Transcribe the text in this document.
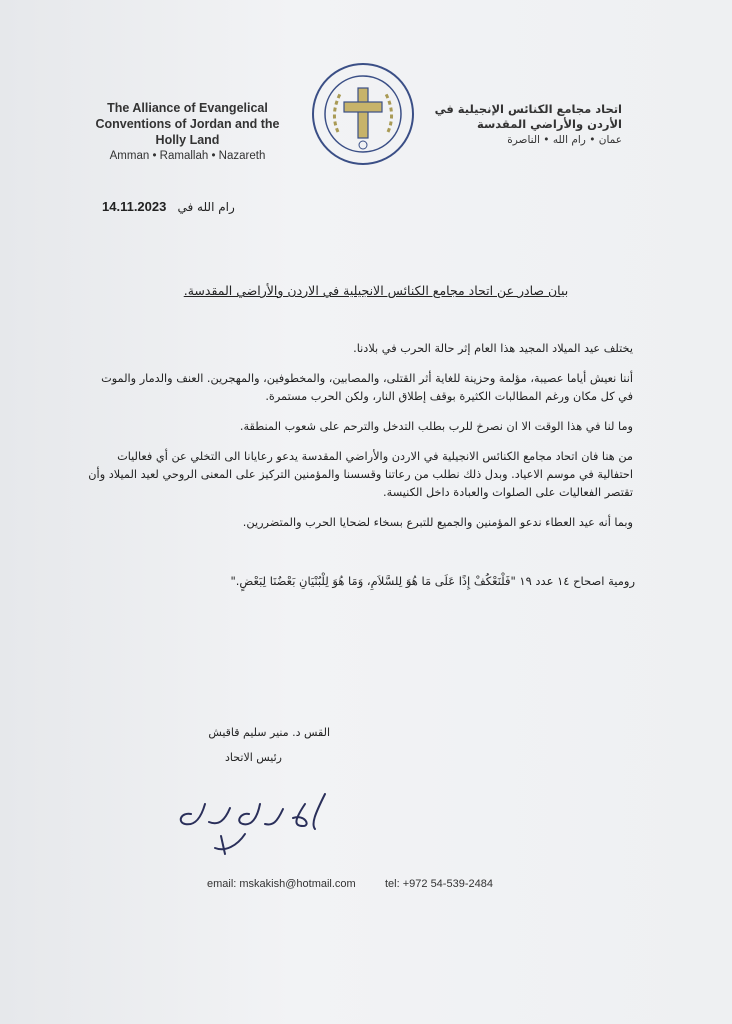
The Alliance of Evangelical Conventions of Jordan and the Holly Land
Amman • Ramallah • Nazareth
اتحاد مجامع الكنائس الإنجيلية في الأردن والأراضي المقدسة
عمان • رام الله • الناصرة
رام الله في 14.11.2023
بيان صادر عن اتحاد مجامع الكنائس الانجيلية في الاردن والأراضي المقدسة.

يختلف عيد الميلاد المجيد هذا العام إثر حالة الحرب في بلادنا.

أننا نعيش أياما عصيبة، مؤلمة وحزينة للغاية أثر القتلى، والمصابين، والمخطوفين، والمهجرين. العنف والدمار والموت في كل مكان ورغم المطالبات الكثيرة بوقف إطلاق النار، ولكن الحرب مستمرة.

وما لنا في هذا الوقت الا ان نصرخ للرب بطلب التدخل والترحم على شعوب المنطقة.

من هنا فان اتحاد مجامع الكنائس الانجيلية في الاردن والأراضي المقدسة يدعو رعايانا الى التخلي عن أي فعاليات احتفالية في موسم الاعياد. وبدل ذلك نطلب من رعاتنا وقسسنا والمؤمنين التركيز على المعنى الروحي لعيد الميلاد وأن تقتصر الفعاليات على الصلوات والعبادة داخل الكنيسة.

وبما أنه عيد العطاء ندعو المؤمنين والجميع للتبرع بسخاء لضحايا الحرب والمتضررين.

رومية اصحاح ١٤ عدد ١٩ "فَلْنَعْكُفْ إِذًا عَلَى مَا هُوَ لِلسَّلاَمِ، وَمَا هُوَ لِلْبُنْيَانِ بَعْضُنَا لِبَعْضٍ."
القس د. منير سليم قاقيش
رئيس الاتحاد
email: mskakish@hotmail.com	tel: +972 54-539-2484
